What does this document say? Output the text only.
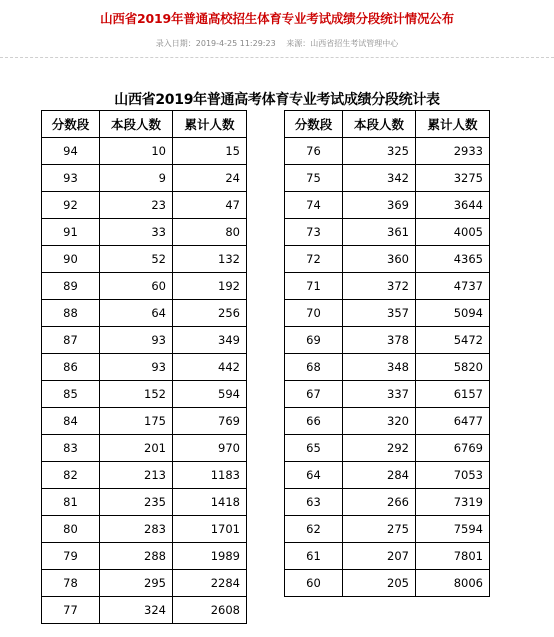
山西省2019年普通高校招生体育专业考试成绩分段统计情况公布
录入日期：2019-4-25 11:29:23 来源：山西省招生考试管理中心
山西省2019年普通高考体育专业考试成绩分段统计表
分数段	本段人数	累计人数
94	10	15
93	9	24
92	23	47
91	33	80
90	52	132
89	60	192
88	64	256
87	93	349
86	93	442
85	152	594
84	175	769
83	201	970
82	213	1183
81	235	1418
80	283	1701
79	288	1989
78	295	2284
77	324	2608
分数段	本段人数	累计人数
76	325	2933
75	342	3275
74	369	3644
73	361	4005
72	360	4365
71	372	4737
70	357	5094
69	378	5472
68	348	5820
67	337	6157
66	320	6477
65	292	6769
64	284	7053
63	266	7319
62	275	7594
61	207	7801
60	205	8006
